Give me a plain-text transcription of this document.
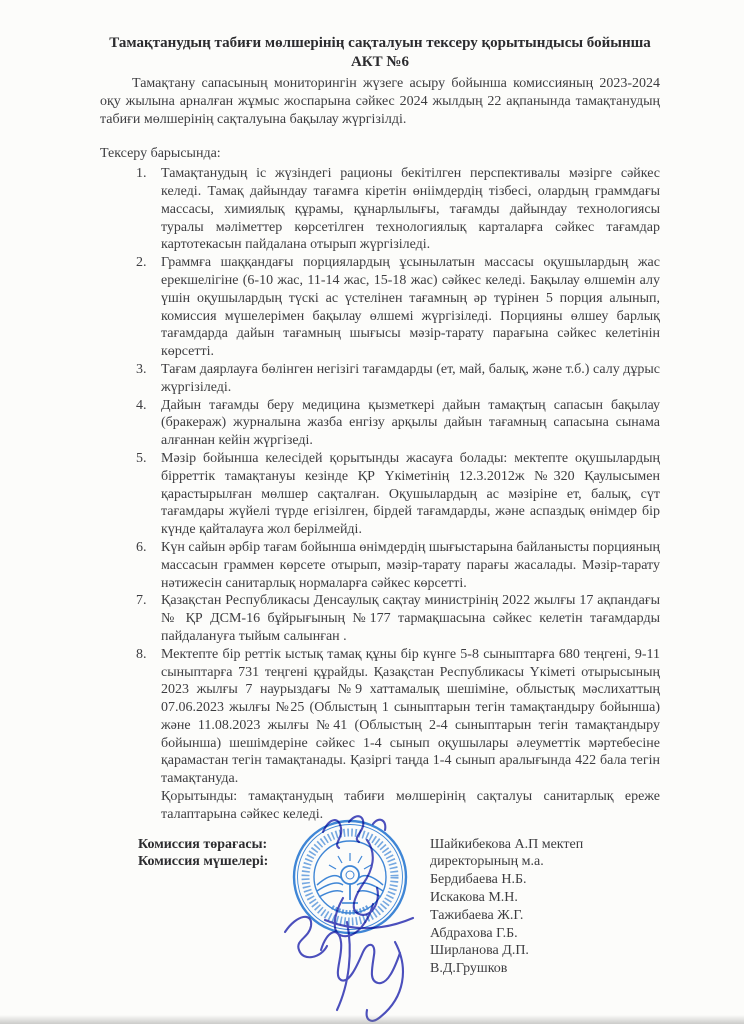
Тамақтанудың табиғи мөлшерінің сақталуын тексеру қорытындысы бойынша
АКТ №6

Тамақтану сапасының мониторингін жүзеге асыру бойынша комиссияның 2023-2024 оқу жылына арналған жұмыс жоспарына сәйкес 2024 жылдың 22 ақпанында тамақтанудың табиғи мөлшерінің сақталуына бақылау жүргізілді.

Тексеру барысында:

1.	Тамақтанудың іс жүзіндегі рационы бекітілген перспективалы мәзірге сәйкес келеді. Тамақ дайындау тағамға кіретін өніімдердің тізбесі, олардың граммдағы массасы, химиялық құрамы, құнарлылығы, тағамды дайындау технологиясы туралы мәліметтер көрсетілген технологиялық карталарға сәйкес тағамдар картотекасын пайдалана отырып жүргізіледі.
2.	Граммға шаққандағы порциялардың ұсынылатын массасы оқушылардың жас ерекшелігіне (6-10 жас, 11-14 жас, 15-18 жас) сәйкес келеді. Бақылау өлшемін алу үшін оқушылардың түскі ас үстелінен тағамның әр түрінен 5 порция алынып, комиссия мүшелерімен бақылау өлшемі жүргізіледі. Порцияны өлшеу барлық тағамдарда дайын тағамның шығысы мәзір-тарату парағына сәйкес келетінін көрсетті.
3.	Тағам даярлауға бөлінген негізігі тағамдарды (ет, май, балық, және т.б.) салу дұрыс жүргізіледі.
4.	Дайын тағамды беру медицина қызметкері дайын тамақтың сапасын бақылау (бракераж) журналына жазба енгізу арқылы дайын тағамның сапасына сынама алғаннан кейін жүргізеді.
5.	Мәзір бойынша келесідей қорытынды жасауға болады: мектепте оқушылардың бірреттік тамақтануы кезінде ҚР Үкіметінің 12.3.2012ж №320 Қаулысымен қарастырылған мөлшер сақталған. Оқушылардың ас мәзіріне ет, балық, сүт тағамдары жүйелі түрде егізілген, бірдей тағамдарды, және аспаздық өнімдер бір күнде қайталауға жол берілмейді.
6.	Күн сайын әрбір тағам бойынша өнімдердің шығыстарына байланысты порцияның массасын граммен көрсете отырып, мәзір-тарату парағы жасалады. Мәзір-тарату нәтижесін санитарлық нормаларға сәйкес көрсетті.
7.	Қазақстан Республикасы Денсаулық сақтау министрінің 2022 жылғы 17 ақпандағы № ҚР ДСМ-16 бұйрығының №177 тармақшасына сәйкес келетін тағамдарды пайдалануға тыйым салынған .
8.	Мектепте бір реттік ыстық тамақ құны бір күнге 5-8 сыныптарға 680 теңгені, 9-11 сыныптарға 731 теңгені құрайды. Қазақстан Республикасы Үкіметі отырысының 2023 жылғы 7 наурыздағы №9 хаттамалық шешіміне, облыстық мәслихаттың 07.06.2023 жылғы №25 (Облыстың 1 сыныптарын тегін тамақтандыру бойынша) және 11.08.2023 жылғы №41 (Облыстың 2-4 сыныптарын тегін тамақтандыру бойынша) шешімдеріне сәйкес 1-4 сынып оқушылары әлеуметтік мәртебесіне қарамастан тегін тамақтанады. Қазіргі таңда 1-4 сынып аралығында 422 бала тегін тамақтануда.

Қорытынды: тамақтанудың табиғи мөлшерінің сақталуы санитарлық ереже талаптарына сәйкес келеді.

Комиссия төрағасы:
Комиссия мүшелері:
Шайкибекова А.П мектеп директорының м.а.
Бердибаева Н.Б.
Искакова М.Н.
Тажибаева Ж.Г.
Абдрахова Г.Б.
Ширланова Д.П.
В.Д.Грушков
